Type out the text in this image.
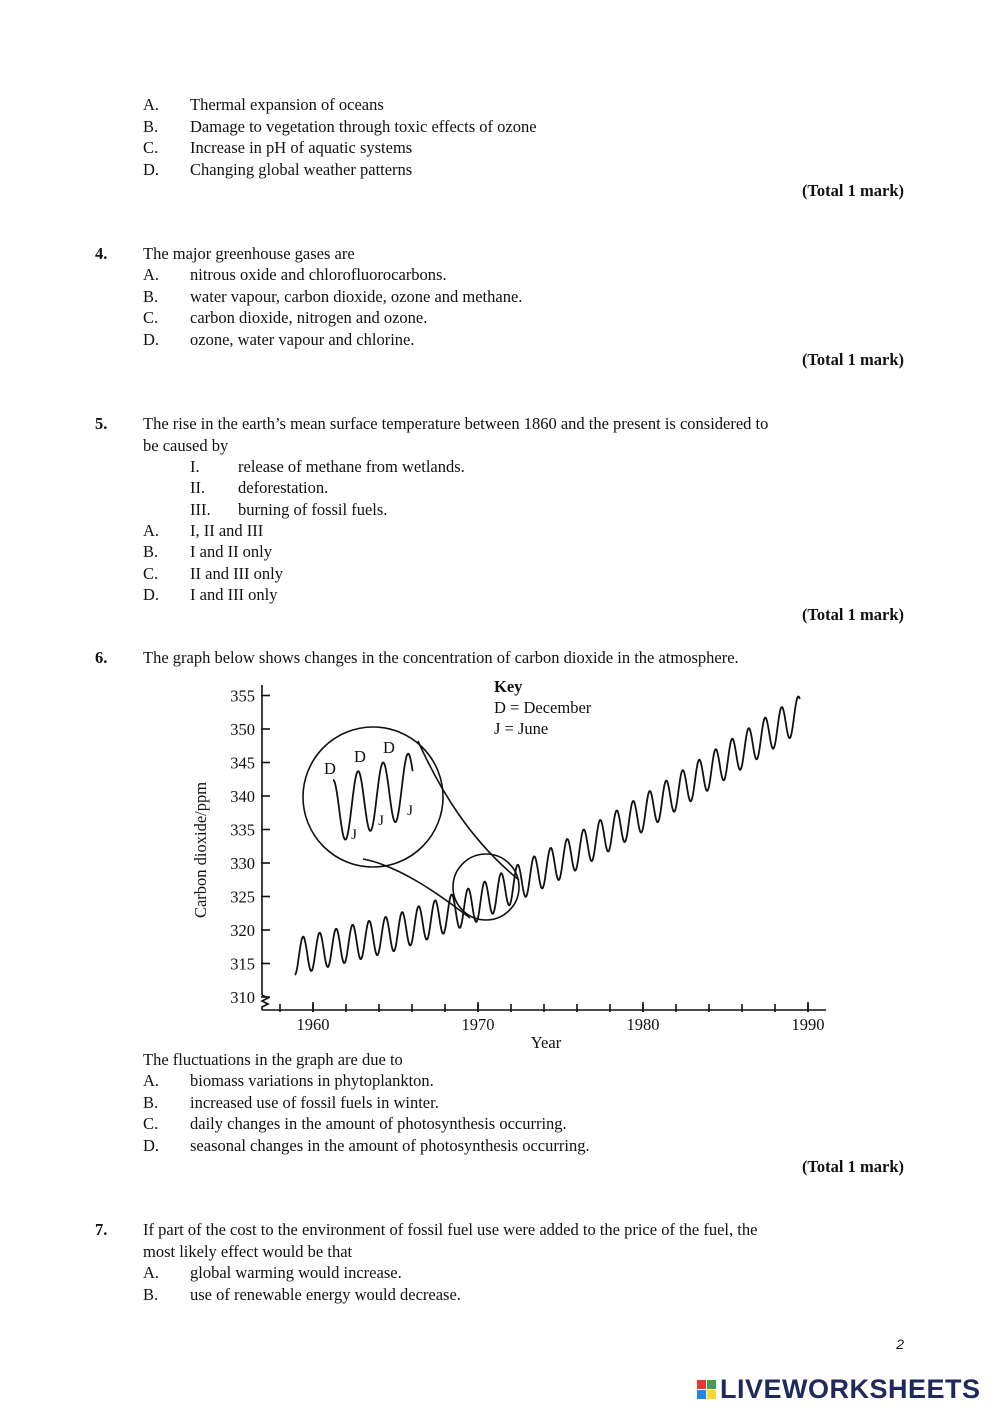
A. Thermal expansion of oceans
B. Damage to vegetation through toxic effects of ozone
C. Increase in pH of aquatic systems
D. Changing global weather patterns
4. The major greenhouse gases are
A. nitrous oxide and chlorofluorocarbons.
B. water vapour, carbon dioxide, ozone and methane.
C. carbon dioxide, nitrogen and ozone.
D. ozone, water vapour and chlorine.
5. The rise in the earth’s mean surface temperature between 1860 and the present is considered to
be caused by
I. release of methane from wetlands.
II. deforestation.
III. burning of fossil fuels.
A. I, II and III
B. I and II only
C. II and III only
D. I and III only
6. The graph below shows changes in the concentration of carbon dioxide in the atmosphere.
310
315
320
325
330
335
340
345
350
355
1960	1970	1980	1990
D
D D
J
J
J
Carbon dioxide/ppm
Year
Key
D = December
J = June
The fluctuations in the graph are due to
A. biomass variations in phytoplankton.
B. increased use of fossil fuels in winter.
C. daily changes in the amount of photosynthesis occurring.
D. seasonal changes in the amount of photosynthesis occurring.
7. If part of the cost to the environment of fossil fuel use were added to the price of the fuel, the
most likely effect would be that
A. global warming would increase.
B. use of renewable energy would decrease.
2
LIVEWORKSHEETS
(Total 1 mark)
(Total 1 mark)
(Total 1 mark)
(Total 1 mark)
